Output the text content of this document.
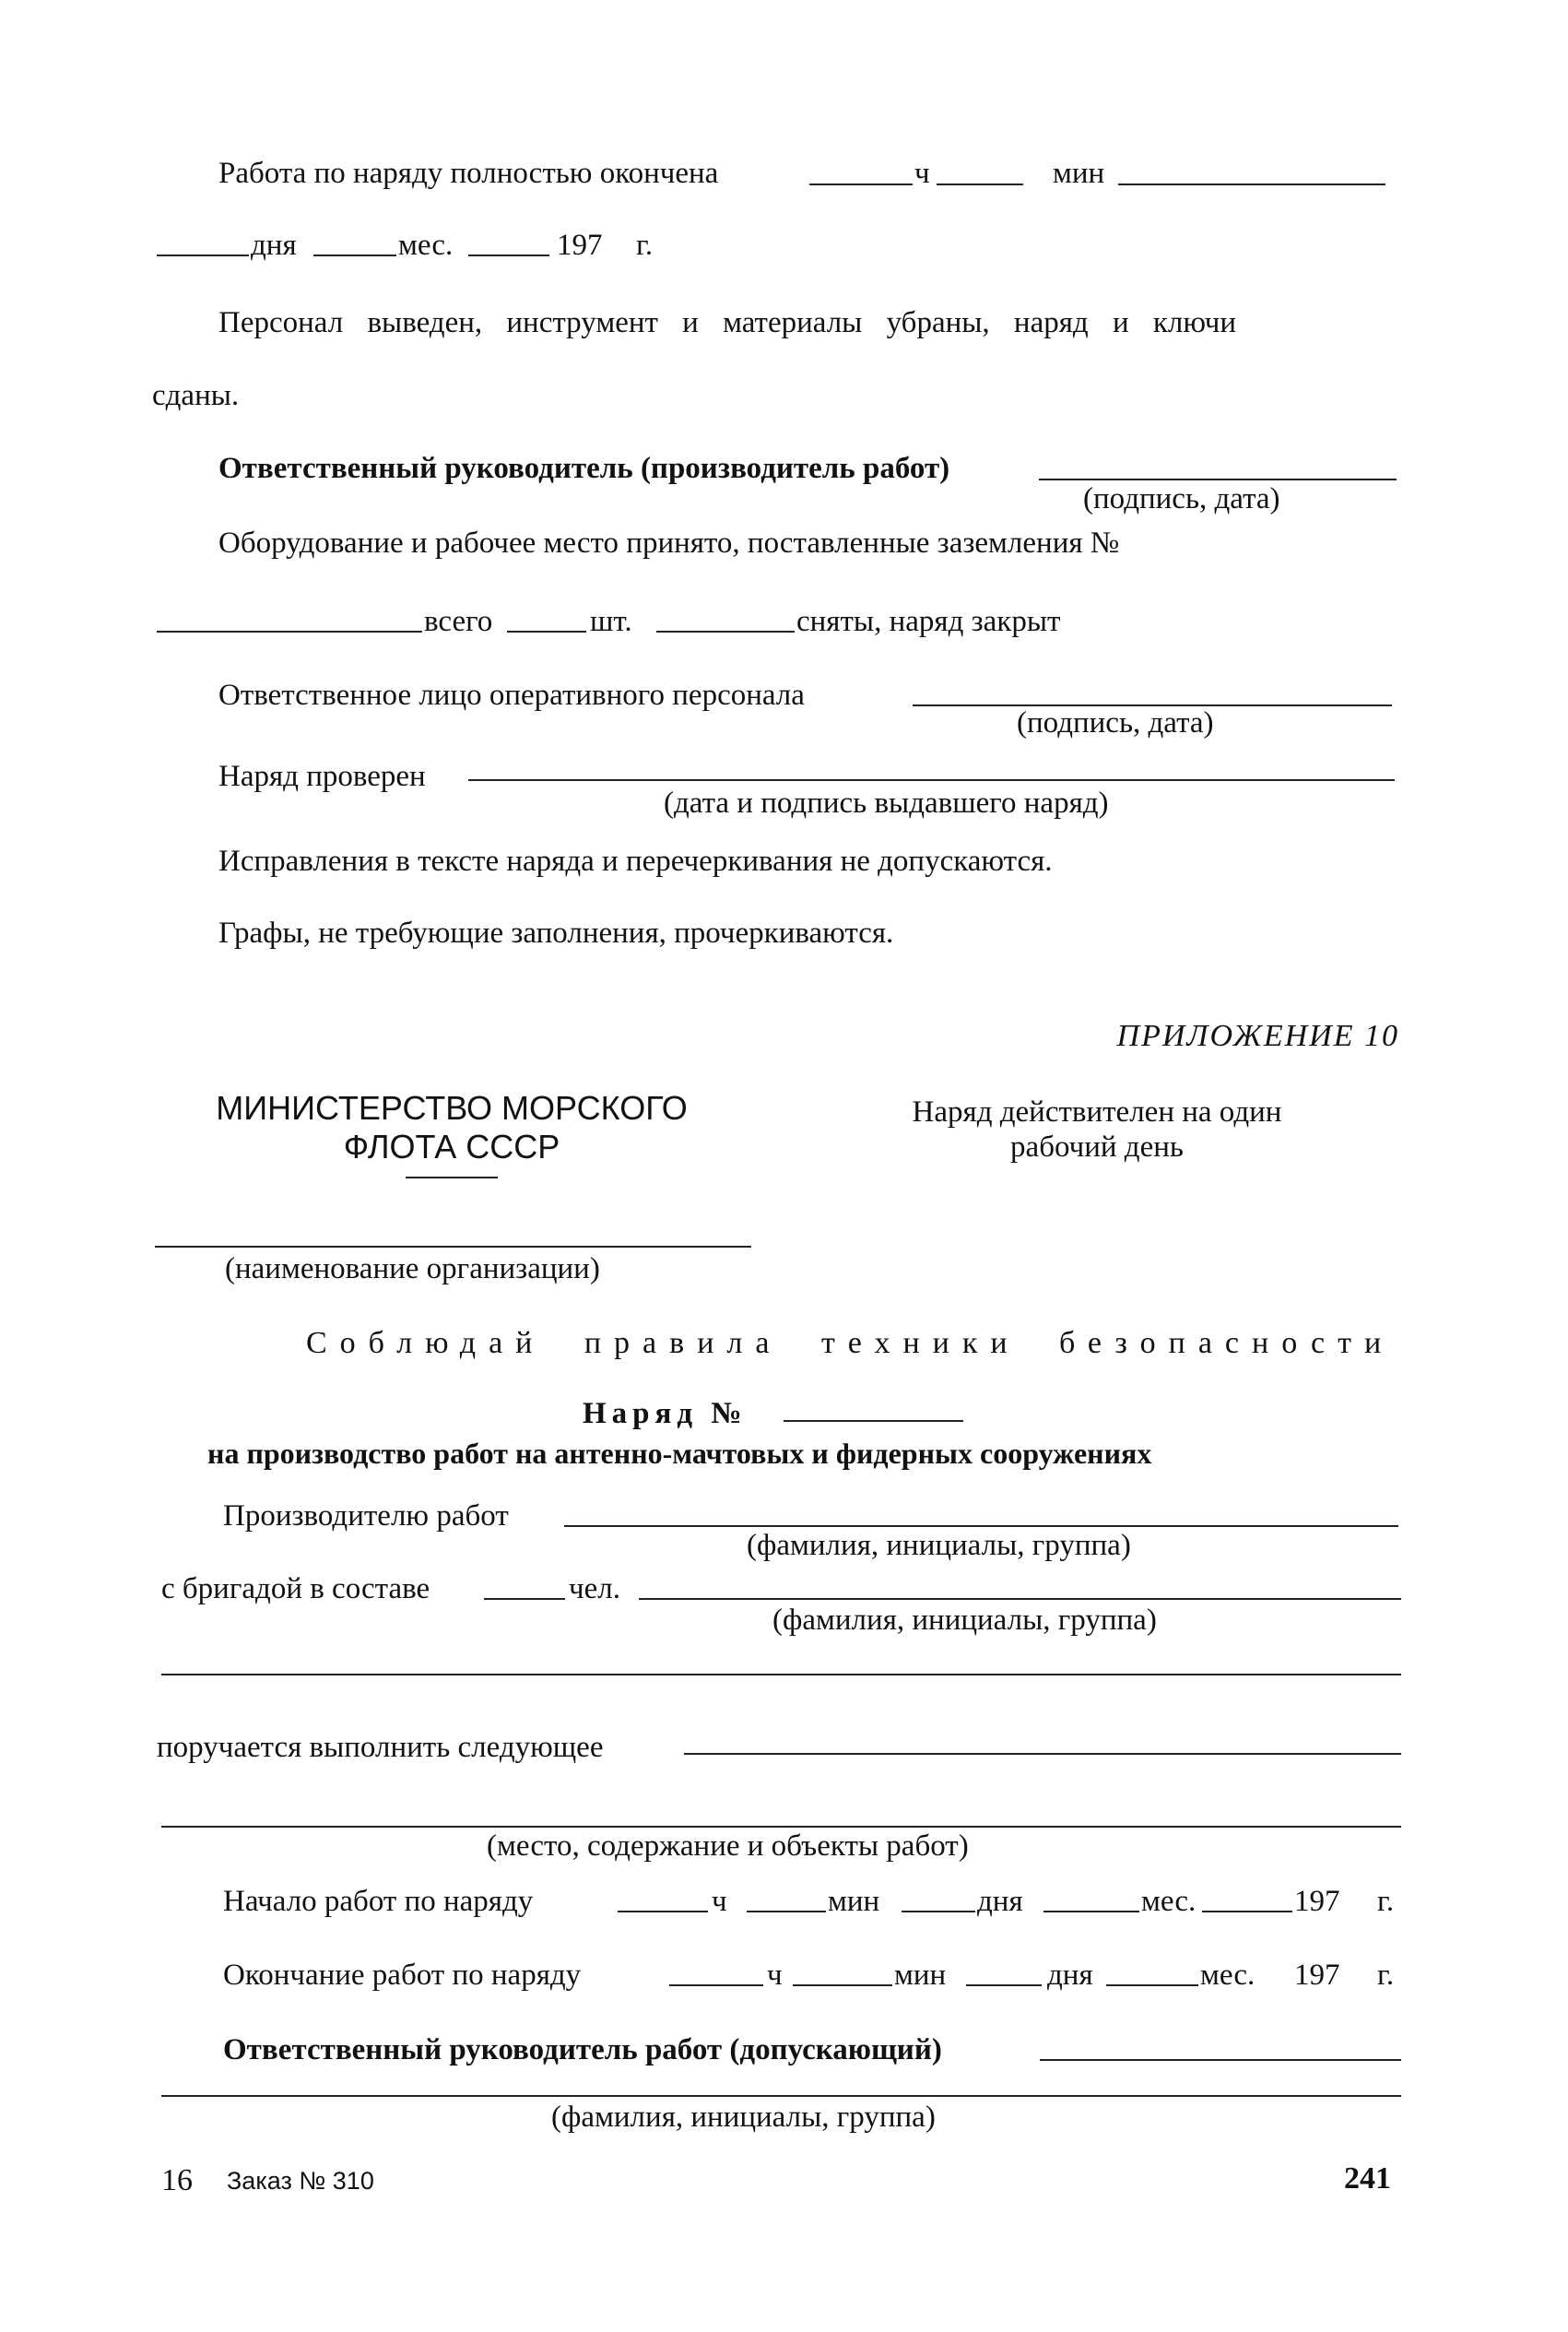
Работа по наряду полностью окончена	ч	мин
дня	мес.	197 г.
Персонал выведен, инструмент и материалы убраны, наряд и ключи
сданы.
Ответственный руководитель (производитель работ)
(подпись, дата)
Оборудование и рабочее место принято, поставленные заземления №
всего	шт.	сняты, наряд закрыт
Ответственное лицо оперативного персонала
(подпись, дата)
Наряд проверен
(дата и подпись выдавшего наряд)
Исправления в тексте наряда и перечеркивания не допускаются.
Графы, не требующие заполнения, прочеркиваются.
ПРИЛОЖЕНИЕ 10
МИНИСТЕРСТВО МОРСКОГО
ФЛОТА СССР
Наряд действителен на один
рабочий день
(наименование организации)
Соблюдай правила техники безопасности
Наряд №
на производство работ на антенно-мачтовых и фидерных сооружениях
Производителю работ
(фамилия, инициалы, группа)
с бригадой в составе	чел.
(фамилия, инициалы, группа)
поручается выполнить следующее
(место, содержание и объекты работ)
Начало работ по наряду	ч	мин	дня	мес.	197 г.
Окончание работ по наряду	ч	мин	дня	мес. 197 г.
Ответственный руководитель работ (допускающий)
(фамилия, инициалы, группа)
16 Заказ № 310	241
